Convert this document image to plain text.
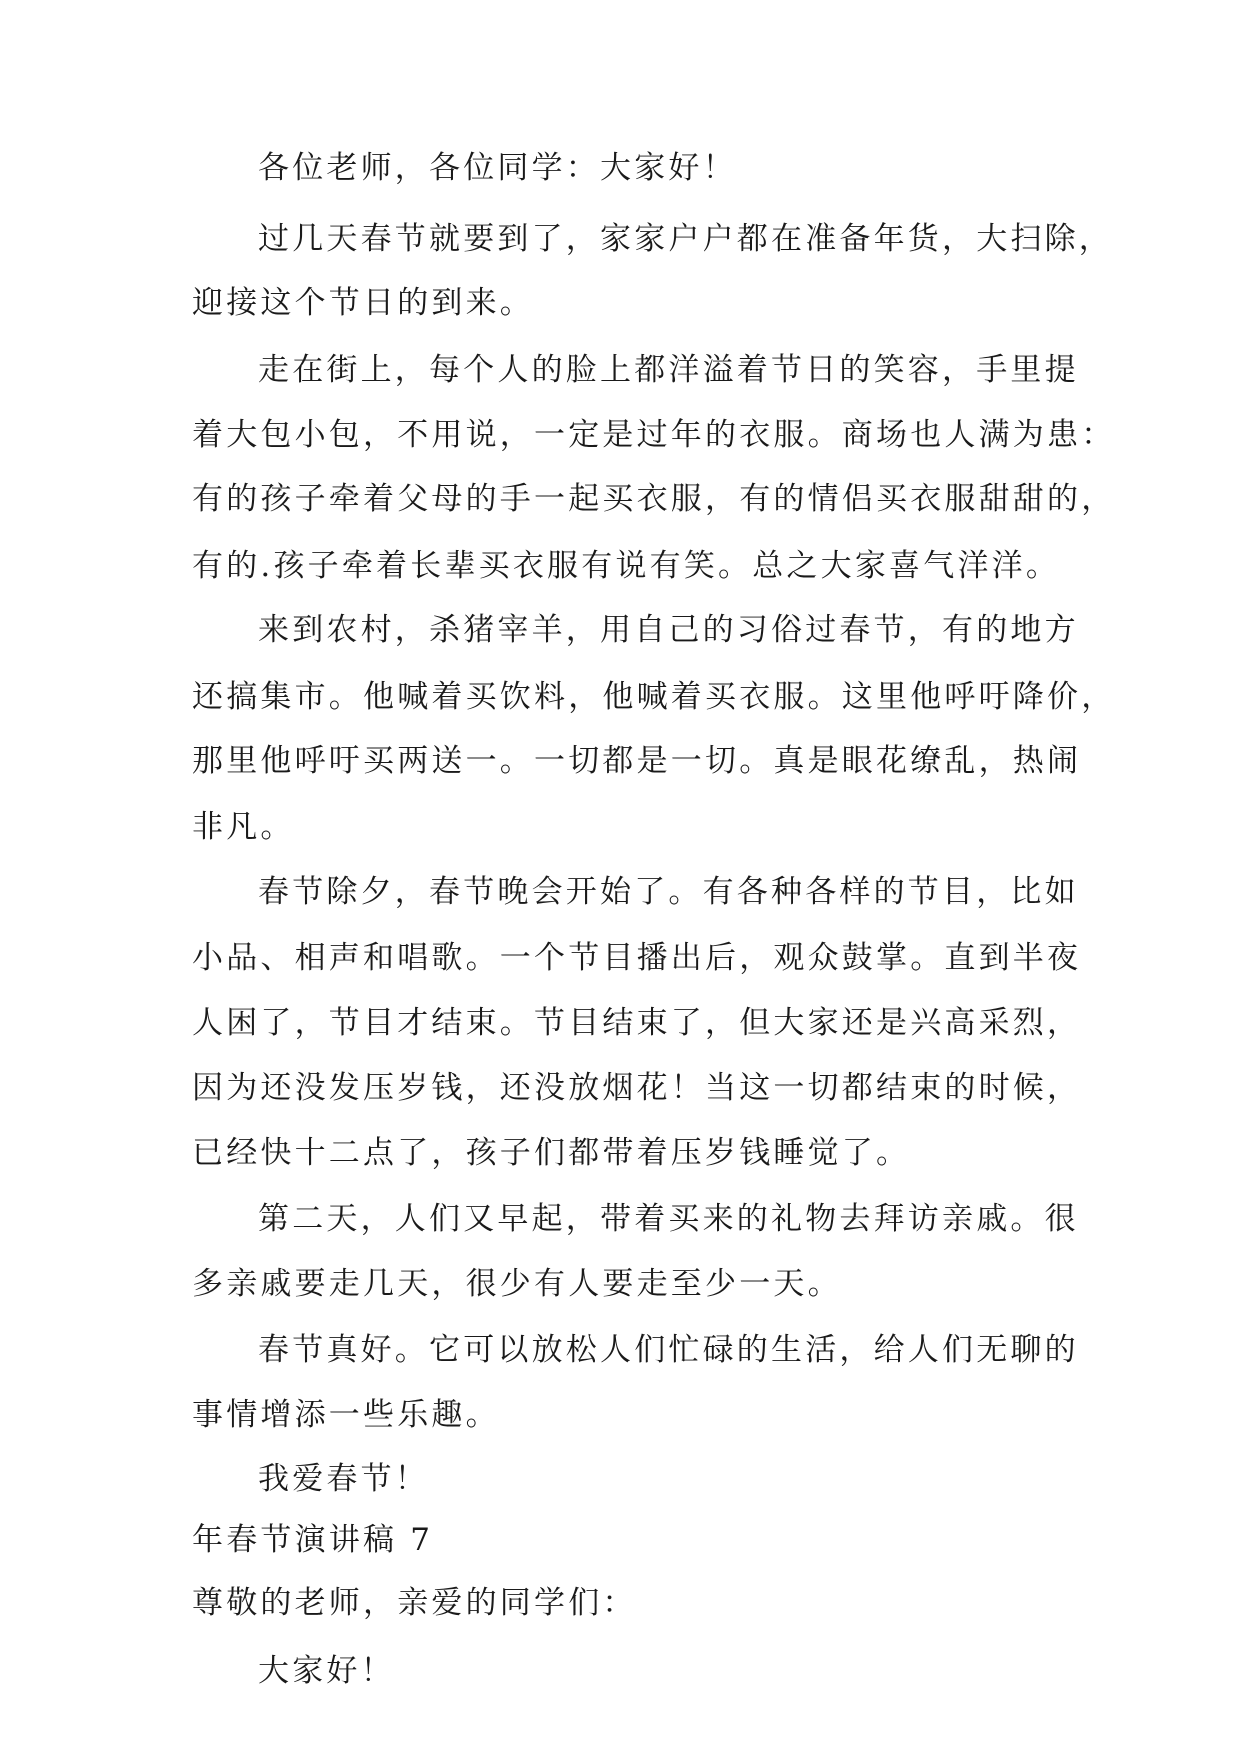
各位老师，各位同学：大家好！
过几天春节就要到了，家家户户都在准备年货，大扫除，
迎接这个节日的到来。
走在街上，每个人的脸上都洋溢着节日的笑容，手里提
着大包小包，不用说，一定是过年的衣服。商场也人满为患：
有的孩子牵着父母的手一起买衣服，有的情侣买衣服甜甜的，
有的.孩子牵着长辈买衣服有说有笑。总之大家喜气洋洋。
来到农村，杀猪宰羊，用自己的习俗过春节，有的地方
还搞集市。他喊着买饮料，他喊着买衣服。这里他呼吁降价，
那里他呼吁买两送一。一切都是一切。真是眼花缭乱，热闹
非凡。
春节除夕，春节晚会开始了。有各种各样的节目，比如
小品、相声和唱歌。一个节目播出后，观众鼓掌。直到半夜
人困了，节目才结束。节目结束了，但大家还是兴高采烈，
因为还没发压岁钱，还没放烟花！当这一切都结束的时候，
已经快十二点了，孩子们都带着压岁钱睡觉了。
第二天，人们又早起，带着买来的礼物去拜访亲戚。很
多亲戚要走几天，很少有人要走至少一天。
春节真好。它可以放松人们忙碌的生活，给人们无聊的
事情增添一些乐趣。
我爱春节！
年春节演讲稿 7
尊敬的老师，亲爱的同学们：
大家好！
